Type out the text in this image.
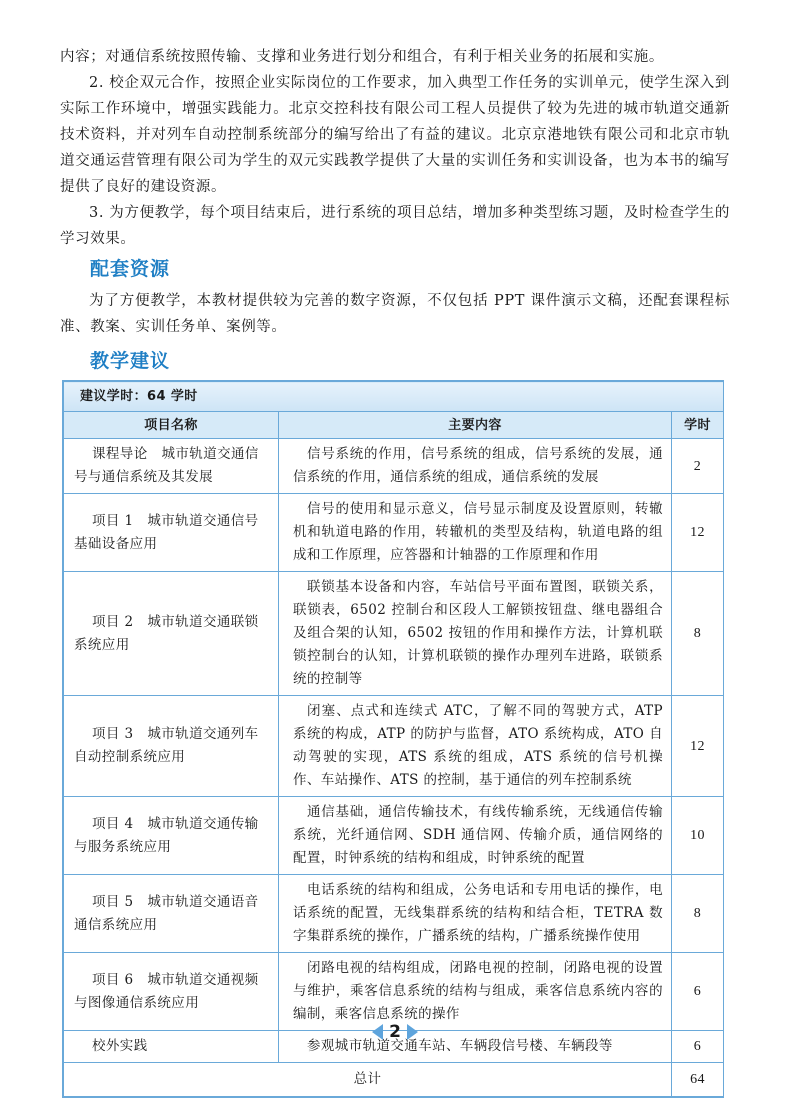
内容；对通信系统按照传输、支撑和业务进行划分和组合，有利于相关业务的拓展和实施。

2. 校企双元合作，按照企业实际岗位的工作要求，加入典型工作任务的实训单元，使学生深入到实际工作环境中，增强实践能力。北京交控科技有限公司工程人员提供了较为先进的城市轨道交通新技术资料，并对列车自动控制系统部分的编写给出了有益的建议。北京京港地铁有限公司和北京市轨道交通运营管理有限公司为学生的双元实践教学提供了大量的实训任务和实训设备，也为本书的编写提供了良好的建设资源。

3. 为方便教学，每个项目结束后，进行系统的项目总结，增加多种类型练习题，及时检查学生的学习效果。

配套资源
为了方便教学，本教材提供较为完善的数字资源，不仅包括 PPT 课件演示文稿，还配套课程标准、教案、实训任务单、案例等。
教学建议
建议学时：64 学时		
项目名称	主要内容	学时
课程导论　城市轨道交通信号与通信系统及其发展	信号系统的作用，信号系统的组成，信号系统的发展，通信系统的作用，通信系统的组成，通信系统的发展	2
项目 1　城市轨道交通信号基础设备应用	信号的使用和显示意义，信号显示制度及设置原则，转辙机和轨道电路的作用，转辙机的类型及结构，轨道电路的组成和工作原理，应答器和计轴器的工作原理和作用	12
项目 2　城市轨道交通联锁系统应用	联锁基本设备和内容，车站信号平面布置图，联锁关系，联锁表，6502 控制台和区段人工解锁按钮盘、继电器组合及组合架的认知，6502 按钮的作用和操作方法，计算机联锁控制台的认知，计算机联锁的操作办理列车进路，联锁系统的控制等	8
项目 3　城市轨道交通列车自动控制系统应用	闭塞、点式和连续式 ATC，了解不同的驾驶方式，ATP 系统的构成，ATP 的防护与监督，ATO 系统构成，ATO 自动驾驶的实现，ATS 系统的组成，ATS 系统的信号机操作、车站操作、ATS 的控制，基于通信的列车控制系统	12
项目 4　城市轨道交通传输与服务系统应用	通信基础，通信传输技术，有线传输系统，无线通信传输系统，光纤通信网、SDH 通信网、传输介质，通信网络的配置，时钟系统的结构和组成，时钟系统的配置	10
项目 5　城市轨道交通语音通信系统应用	电话系统的结构和组成，公务电话和专用电话的操作，电话系统的配置，无线集群系统的结构和结合柜，TETRA 数字集群系统的操作，广播系统的结构，广播系统操作使用	8
项目 6　城市轨道交通视频与图像通信系统应用	闭路电视的结构组成，闭路电视的控制，闭路电视的设置与维护，乘客信息系统的结构与组成，乘客信息系统内容的编制，乘客信息系统的操作	6
校外实践	参观城市轨道交通车站、车辆段信号楼、车辆段等	6
总计		64
2
